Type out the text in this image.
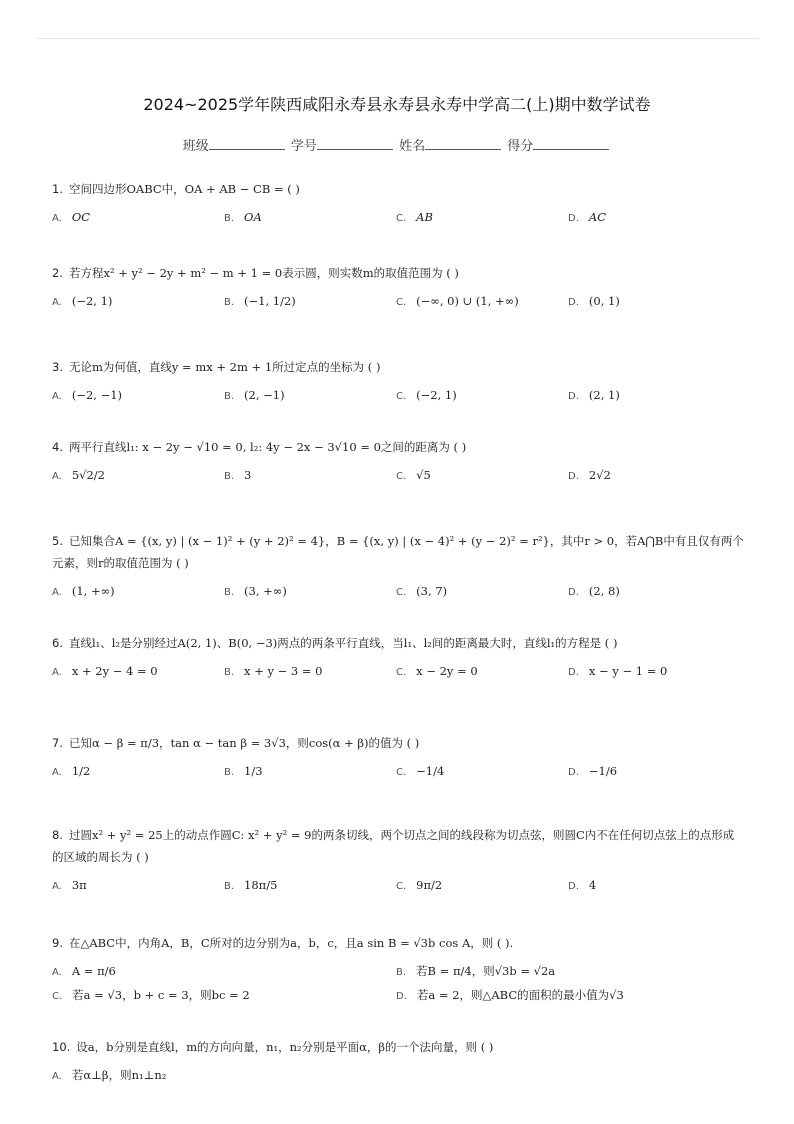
2024~2025学年陕西咸阳永寿县永寿县永寿中学高二(上)期中数学试卷
班级	学号	姓名	得分
1. 空间四边形OABC中，OA + AB − CB = ( )
A. OC	B. OA	C. AB	D. AC
2. 若方程x² + y² − 2y + m² − m + 1 = 0表示圆，则实数m的取值范围为 ( )
A. (−2, 1)	B. (−1, 1/2)	C. (−∞, 0) ∪ (1, +∞)	D. (0, 1)
3. 无论m为何值，直线y = mx + 2m + 1所过定点的坐标为 ( )
A. (−2, −1)	B. (2, −1)	C. (−2, 1)	D. (2, 1)
4. 两平行直线l₁: x − 2y − √10 = 0, l₂: 4y − 2x − 3√10 = 0之间的距离为 ( )
A. 5√2/2	B. 3	C. √5	D. 2√2
5. 已知集合A = {(x, y) | (x − 1)² + (y + 2)² = 4}，B = {(x, y) | (x − 4)² + (y − 2)² = r²}，其中r > 0，若A⋂B中有且仅有两个元素，则r的取值范围为 ( )
A. (1, +∞)	B. (3, +∞)	C. (3, 7)	D. (2, 8)
6. 直线l₁、l₂是分别经过A(2, 1)、B(0, −3)两点的两条平行直线，当l₁、l₂间的距离最大时，直线l₁的方程是 ( )
A. x + 2y − 4 = 0	B. x + y − 3 = 0	C. x − 2y = 0	D. x − y − 1 = 0
7. 已知α − β = π/3，tan α − tan β = 3√3，则cos(α + β)的值为 ( )
A. 1/2	B. 1/3	C. −1/4	D. −1/6
8. 过圆x² + y² = 25上的动点作圆C: x² + y² = 9的两条切线，两个切点之间的线段称为切点弦，则圆C内不在任何切点弦上的点形成的区域的周长为 ( )
A. 3π	B. 18π/5	C. 9π/2	D. 4
9. 在△ABC中，内角A，B，C所对的边分别为a，b，c，且a sin B = √3b cos A，则 ( ).
A. A = π/6	B. 若B = π/4，则√3b = √2a
C. 若a = √3，b + c = 3，则bc = 2	D. 若a = 2，则△ABC的面积的最小值为√3
10. 设a，b分别是直线l，m的方向向量，n₁，n₂分别是平面α，β的一个法向量，则 ( )
A. 若α⊥β，则n₁⊥n₂
